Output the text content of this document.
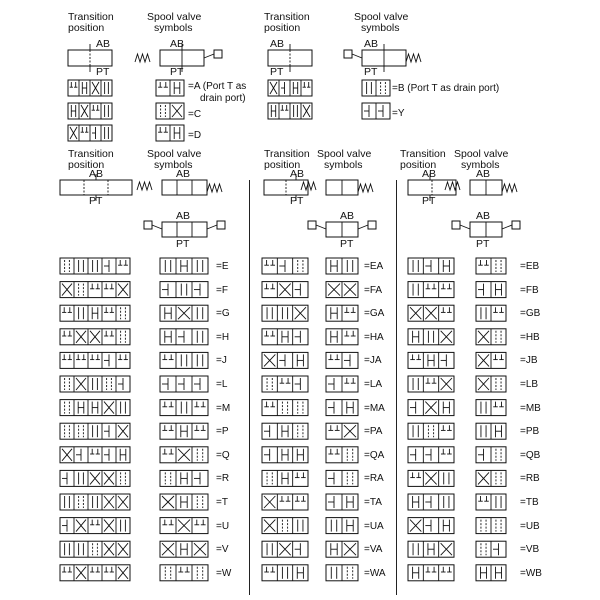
Transition
position
Spool valve
symbols
Transition
position
Spool valve
symbols
AB
PT
AB
PT
AB
PT
AB
PT
=A (Port T as
drain port)
=B (Port T as drain port)
=C	=Y
=D
Transition
position
Spool valve
symbols
Transition
position
Spool valve
symbols
Transition
position
Spool valve
symbols
AB
PT
AB
AB
PT
AB
PT
AB
PT
AB
PT
AB
AB
PT
=E
=F
=G
=H
=J
=L
=M
=P
=Q
=R
=T
=U
=V
=W
=EA
=FA
=GA
=HA
=JA
=LA
=MA
=PA
=QA
=RA
=TA
=UA
=VA
=WA
=EB
=FB
=GB
=HB
=JB
=LB
=MB
=PB
=QB
=RB
=TB
=UB
=VB
=WB
